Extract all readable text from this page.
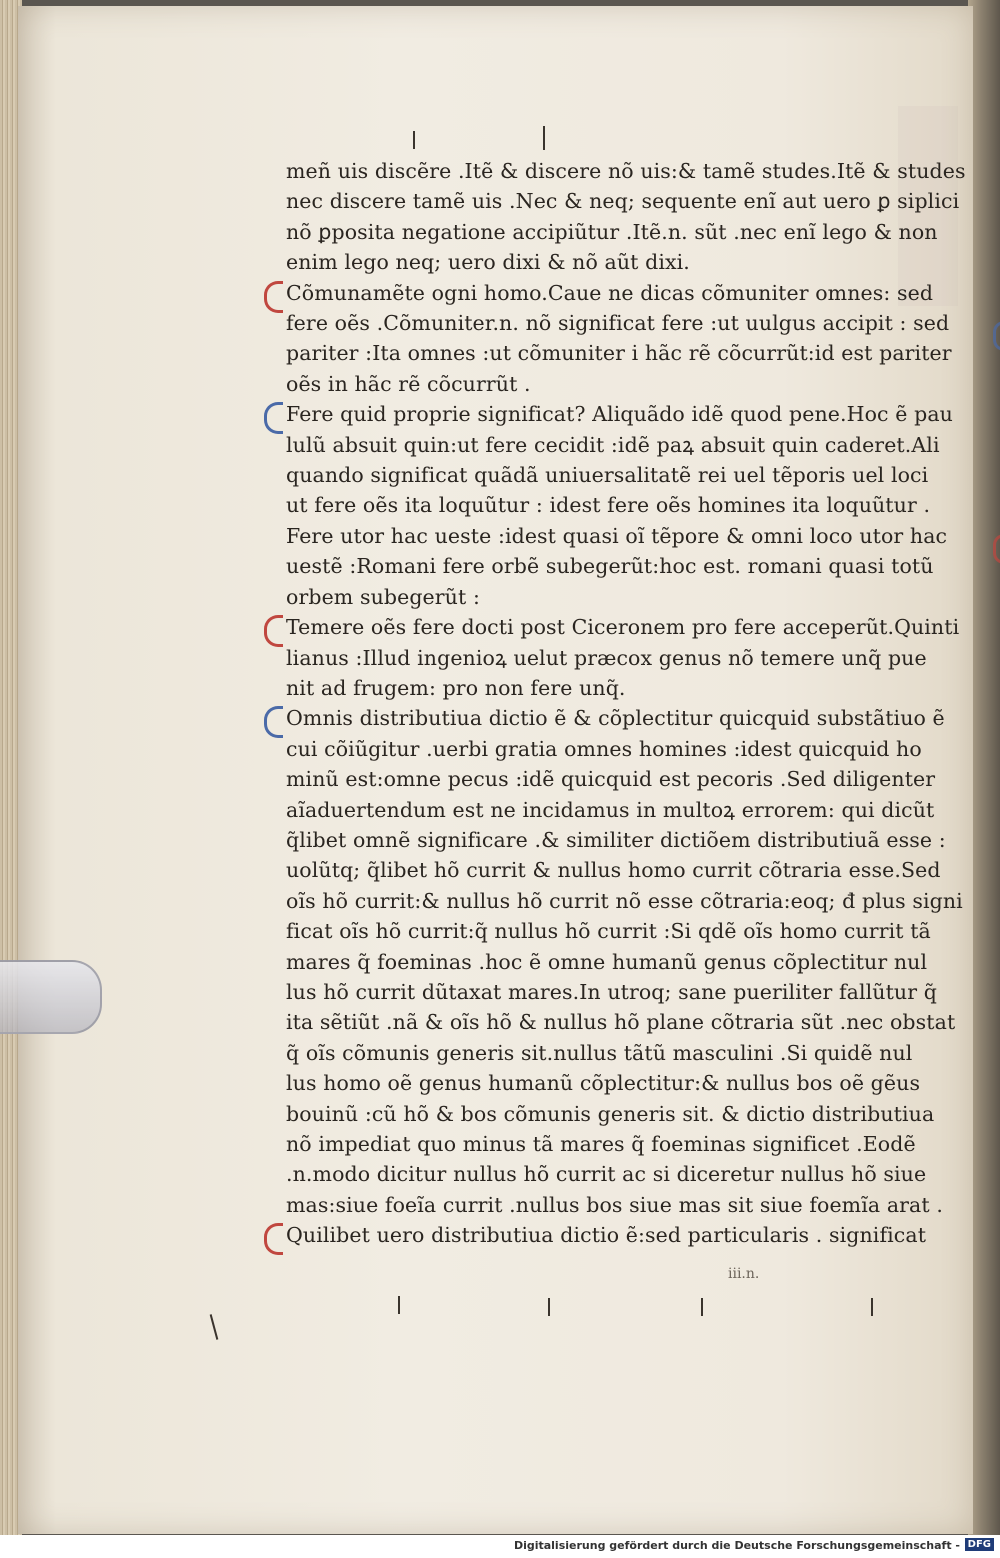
meñ uis discẽre .Itẽ & discere nõ uis:& tamẽ studes.Itẽ & studes
nec discere tamẽ uis .Nec & neq; sequente enĩ aut uero ꝑ siplici
nõ ꝑposita negatione accipiũtur .Itẽ.n. sũt .nec enĩ lego & non
enim lego neq; uero dixi & nõ aũt dixi.
Cõmunamẽte ogni homo.Caue ne dicas cõmuniter omnes: sed
fere oẽs .Cõmuniter.n. nõ significat fere :ut uulgus accipit : sed
pariter :Ita omnes :ut cõmuniter i hãc rẽ cõcurrũt:id est pariter
oẽs in hãc rẽ cõcurrũt .
Fere quid proprie significat? Aliquãdo idẽ quod pene.Hoc ẽ pau
lulũ absuit quin:ut fere cecidit :idẽ paꝝ absuit quin caderet.Ali
quando significat quãdã uniuersalitatẽ rei uel tẽporis uel loci
ut fere oẽs ita loquũtur : idest fere oẽs homines ita loquũtur .
Fere utor hac ueste :idest quasi oĩ tẽpore & omni loco utor hac
uestẽ :Romani fere orbẽ subegerũt:hoc est. romani quasi totũ
orbem subegerũt :
Temere oẽs fere docti post Ciceronem pro fere acceperũt.Quinti
lianus :Illud ingenioꝝ uelut præcox genus nõ temere unq̃ pue
nit ad frugem: pro non fere unq̃.
Omnis distributiua dictio ẽ & cõplectitur quicquid substãtiuo ẽ
cui cõiũgitur .uerbi gratia omnes homines :idest quicquid ho
minũ est:omne pecus :idẽ quicquid est pecoris .Sed diligenter
aĩaduertendum est ne incidamus in multoꝝ errorem: qui dicũt
q̃libet omnẽ significare .& similiter dictiõem distributiuã esse :
uolũtq; q̃libet hõ currit & nullus homo currit cõtraria esse.Sed
oĩs hõ currit:& nullus hõ currit nõ esse cõtraria:eoq; đ plus signi
ficat oĩs hõ currit:q̃ nullus hõ currit :Si qdẽ oĩs homo currit tã
mares q̃ foeminas .hoc ẽ omne humanũ genus cõplectitur nul
lus hõ currit dũtaxat mares.In utroq; sane pueriliter fallũtur q̃
ita sẽtiũt .nã & oĩs hõ & nullus hõ plane cõtraria sũt .nec obstat
q̃ oĩs cõmunis generis sit.nullus tãtũ masculini .Si quidẽ nul
lus homo oẽ genus humanũ cõplectitur:& nullus bos oẽ gẽus
bouinũ :cũ hõ & bos cõmunis generis sit. & dictio distributiua
nõ impediat quo minus tã mares q̃ foeminas significet .Eodẽ
.n.modo dicitur nullus hõ currit ac si diceretur nullus hõ siue
mas:siue foeĩa currit .nullus bos siue mas sit siue foemĩa arat .
Quilibet uero distributiua dictio ẽ:sed particularis . significat
iii.n.
Digitalisierung gefördert durch die Deutsche Forschungsgemeinschaft - DFG
